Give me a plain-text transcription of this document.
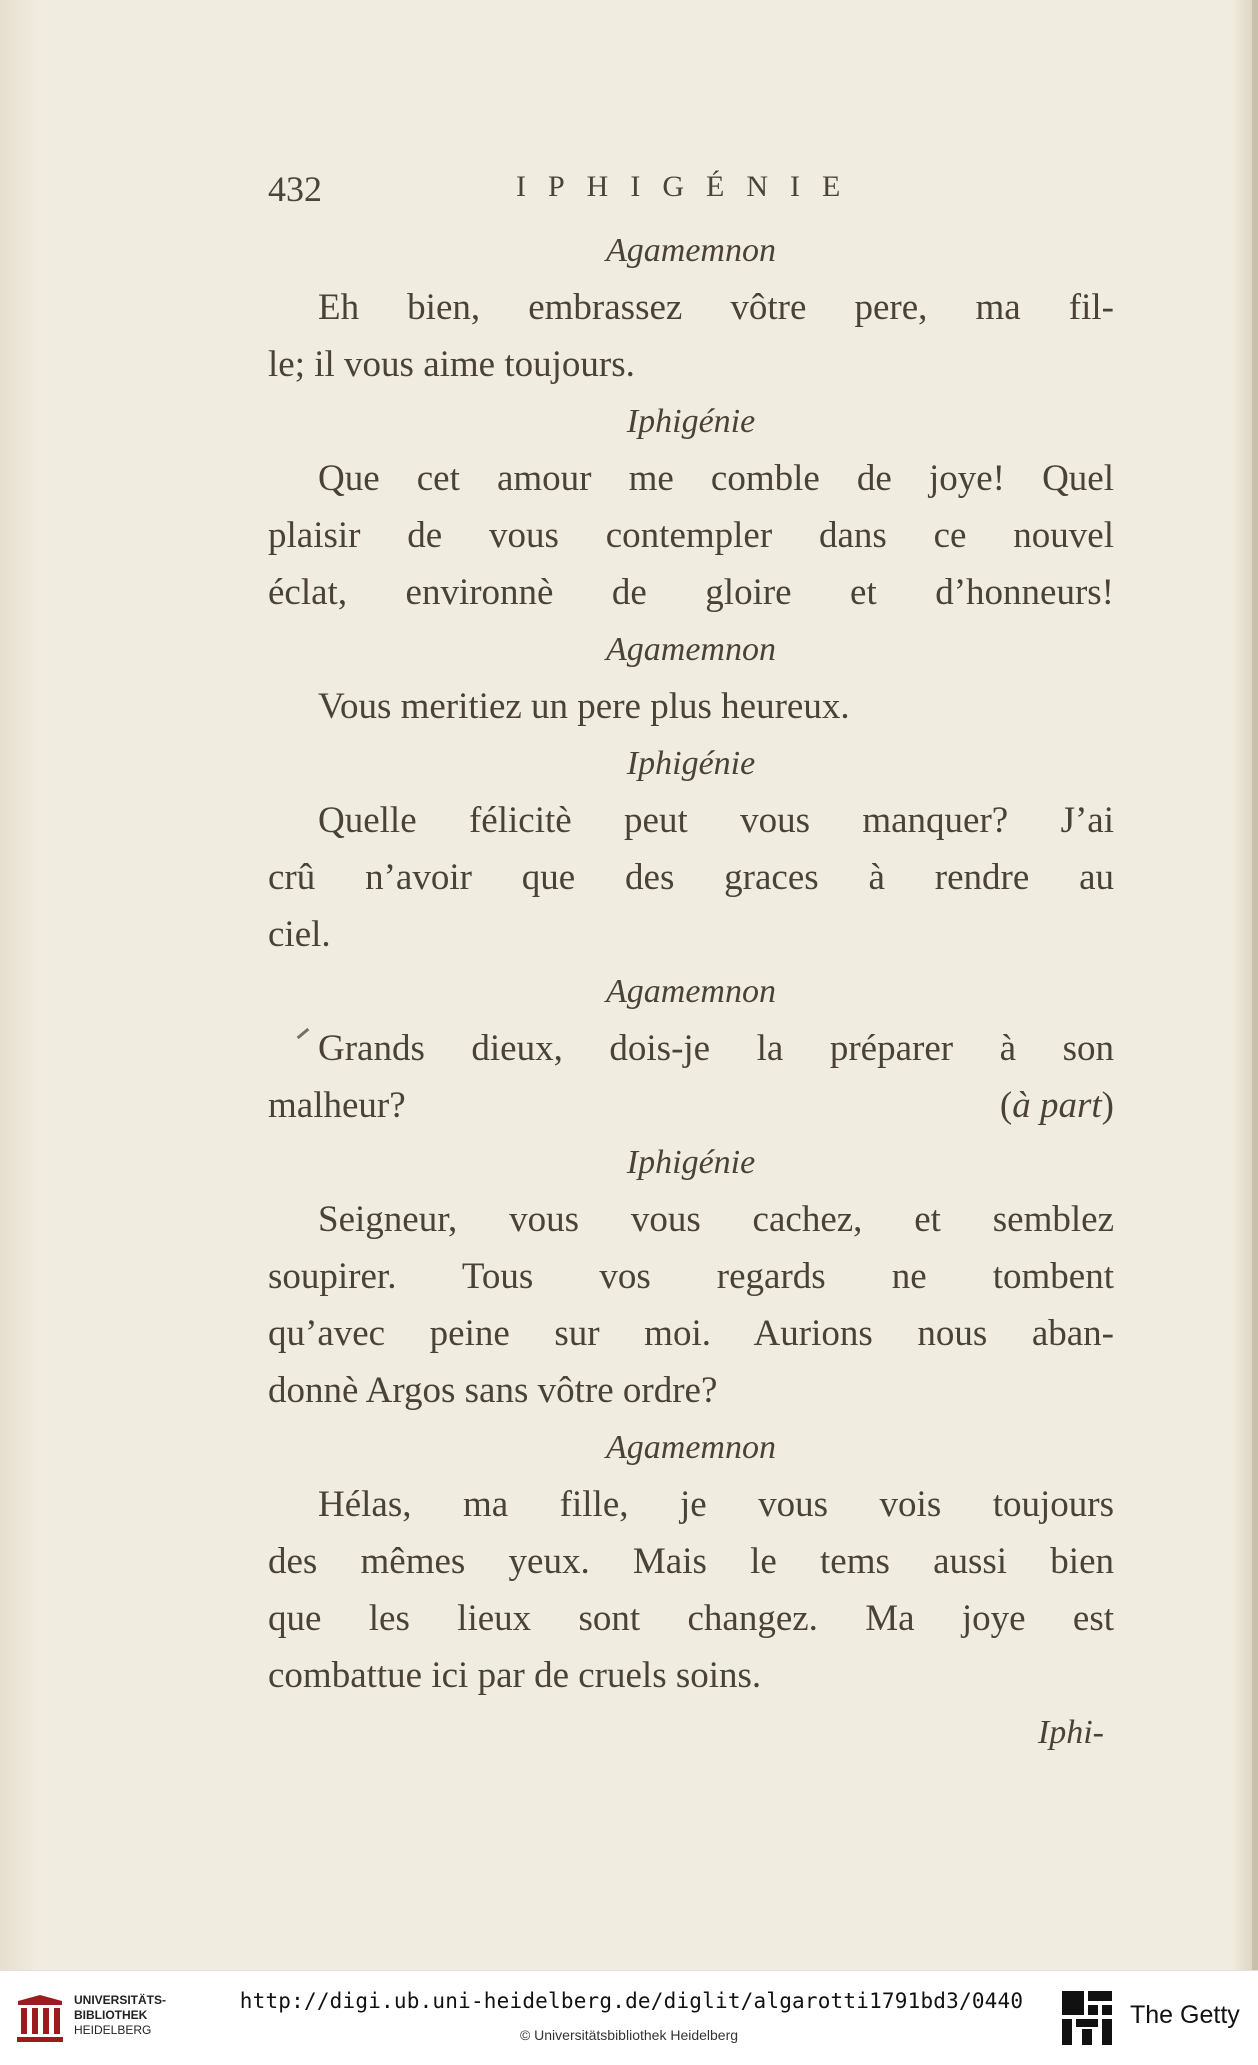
432	IPHIGÉNIE
Agamemnon
Eh bien, embrassez vôtre pere, ma fil-
le; il vous aime toujours.
Iphigénie
Que cet amour me comble de joye! Quel
plaisir de vous contempler dans ce nouvel
éclat, environnè de gloire et d’honneurs!
Agamemnon
Vous meritiez un pere plus heureux.
Iphigénie
Quelle félicitè peut vous manquer? J’ai
crû n’avoir que des graces à rendre au
ciel.
Agamemnon
Grands dieux, dois-je la préparer à son
malheur?	(à part)
Iphigénie
Seigneur, vous vous cachez, et semblez
soupirer. Tous vos regards ne tombent
qu’avec peine sur moi. Aurions nous aban-
donnè Argos sans vôtre ordre?
Agamemnon
Hélas, ma fille, je vous vois toujours
des mêmes yeux. Mais le tems aussi bien
que les lieux sont changez. Ma joye est
combattue ici par de cruels soins.
Iphi-
UNIVERSITÄTS-
BIBLIOTHEK
HEIDELBERG
http://digi.ub.uni-heidelberg.de/diglit/algarotti1791bd3/0440
© Universitätsbibliothek Heidelberg
The Getty
